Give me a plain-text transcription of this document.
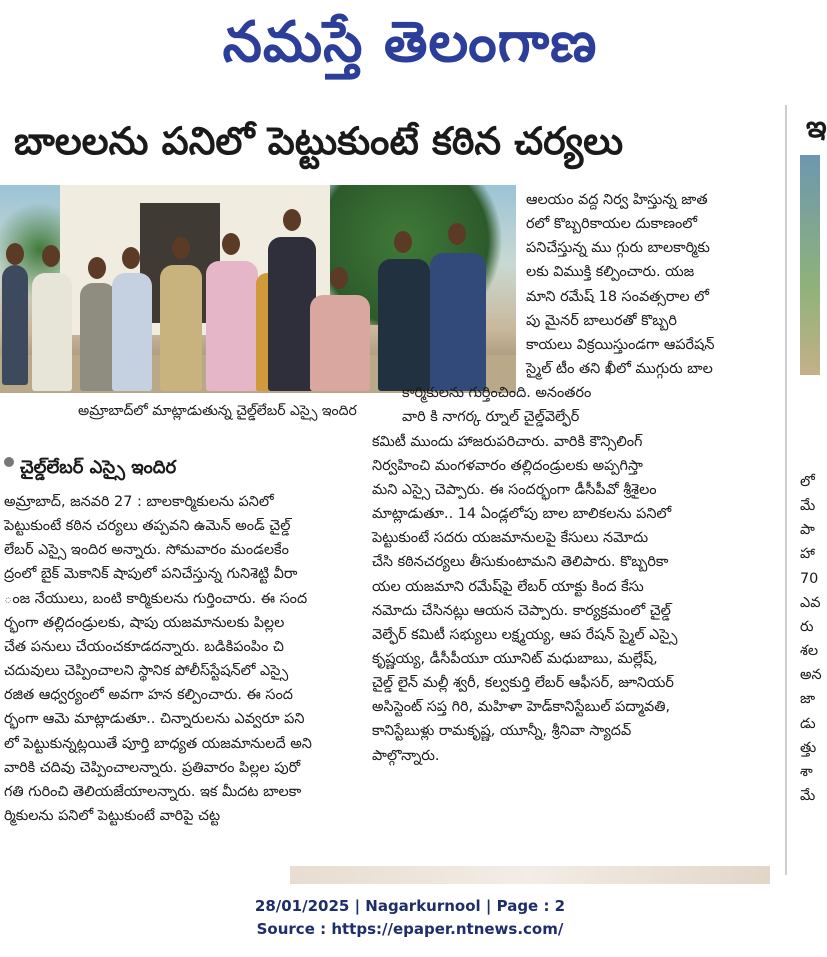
నమస్తే తెలంగాణ
బాలలను పనిలో పెట్టుకుంటే కఠిన చర్యలు
అమ్రాబాద్‌లో మాట్లాడుతున్న చైల్డ్‌లేబర్ ఎస్సై ఇందిర
చైల్డ్‌లేబర్ ఎస్సై ఇందిర

అమ్రాబాద్, జనవరి 27 : బాలకార్మికులను పనిలో

పెట్టుకుంటే కఠిన చర్యలు తప్పవని ఉమెన్ అండ్ చైల్డ్

లేబర్ ఎస్సై ఇందిర అన్నారు. సోమవారం మండలకేం

ద్రంలో బైక్ మెకానిక్ షాపులో పనిచేస్తున్న గునిశెట్టి వీరా

ంజ నేయులు, బంటి కార్మికులను గుర్తించారు. ఈ సంద

ర్భంగా తల్లిదండ్రులకు, షాపు యజమానులకు పిల్లల

చేత పనులు చేయంచకూడదన్నారు. బడికిపంపిం చి

చదువులు చెప్పించాలని స్థానిక పోలీస్‌స్టేషన్‌లో ఎస్సై

రజిత ఆధ్వర్యంలో అవగా హన కల్పించారు. ఈ సంద

ర్భంగా ఆమె మాట్లాడుతూ.. చిన్నారులను ఎవ్వరూ పని

లో పెట్టుకున్నట్లయితే పూర్తి బాధ్యత యజమానులదే అని

వారికి చదివు చెప్పించాలన్నారు. ప్రతివారం పిల్లల పురో

గతి గురించి తెలియజేయాలన్నారు. ఇక మీదట బాలకా

ర్మికులను పనిలో పెట్టుకుంటే వారిపై చట్ట

ఆలయం వద్ద నిర్వ హిస్తున్న జాత

రలో కొబ్బరికాయల దుకాణంలో

పనిచేస్తున్న ము గ్గురు బాలకార్మికు

లకు విముక్తి కల్పించారు. యజ

మాని రమేష్ 18 సంవత్సరాల లో

పు మైనర్ బాలురతో కొబ్బరి

కాయలు విక్రయిస్తుండగా ఆపరేషన్

స్మైల్ టీం తని ఖీలో ముగ్గురు బాల

కార్మికులను గుర్తించింది. అనంతరం

వారి కి నాగర్క ర్నూల్ చైల్డ్‌వెల్ఫేర్

కమిటీ ముందు హాజరుపరిచారు. వారికి కౌన్సిలింగ్

నిర్వహించి మంగళవారం తల్లిదండ్రులకు అప్పగిస్తా

మని ఎస్సై చెప్పారు. ఈ సందర్భంగా డీసీపీవో శ్రీశైలం

మాట్లాడుతూ.. 14 ఏండ్లలోపు బాల బాలికలను పనిలో

పెట్టుకుంటే సదరు యజమానులపై కేసులు నమోదు

చేసి కఠినచర్యలు తీసుకుంటామని తెలిపారు. కొబ్బరికా

యల యజమాని రమేష్‌పై లేబర్ యాక్టు కింద కేసు

నమోదు చేసినట్లు ఆయన చెప్పారు. కార్యక్రమంలో చైల్డ్

వెల్ఫేర్ కమిటీ సభ్యులు లక్ష్మయ్య, ఆప రేషన్ స్మైల్ ఎస్సై

కృష్ణయ్య, డీసీపీయూ యూనిట్ మధుబాబు, మల్లేష్,

చైల్డ్ లైన్ మల్లీ శ్వరీ, కల్వకుర్తి లేబర్ ఆఫీసర్, జూనియర్

అసిస్టెంట్ సప్త గిరి, మహిళా హెడ్‌కానిస్టేబుల్ పద్మావతి,

కానిస్టేబుళ్లు రామకృష్ణ, యూన్నీ, శ్రీనివా స్యాదవ్

పాల్గొన్నారు.

ఇ

లో

మే

పా

హా

70

ఎవ

రు

శల

అన

జా

డు

త్తు

శా

మే

28/01/2025 | Nagarkurnool | Page : 2

Source : https://epaper.ntnews.com/
